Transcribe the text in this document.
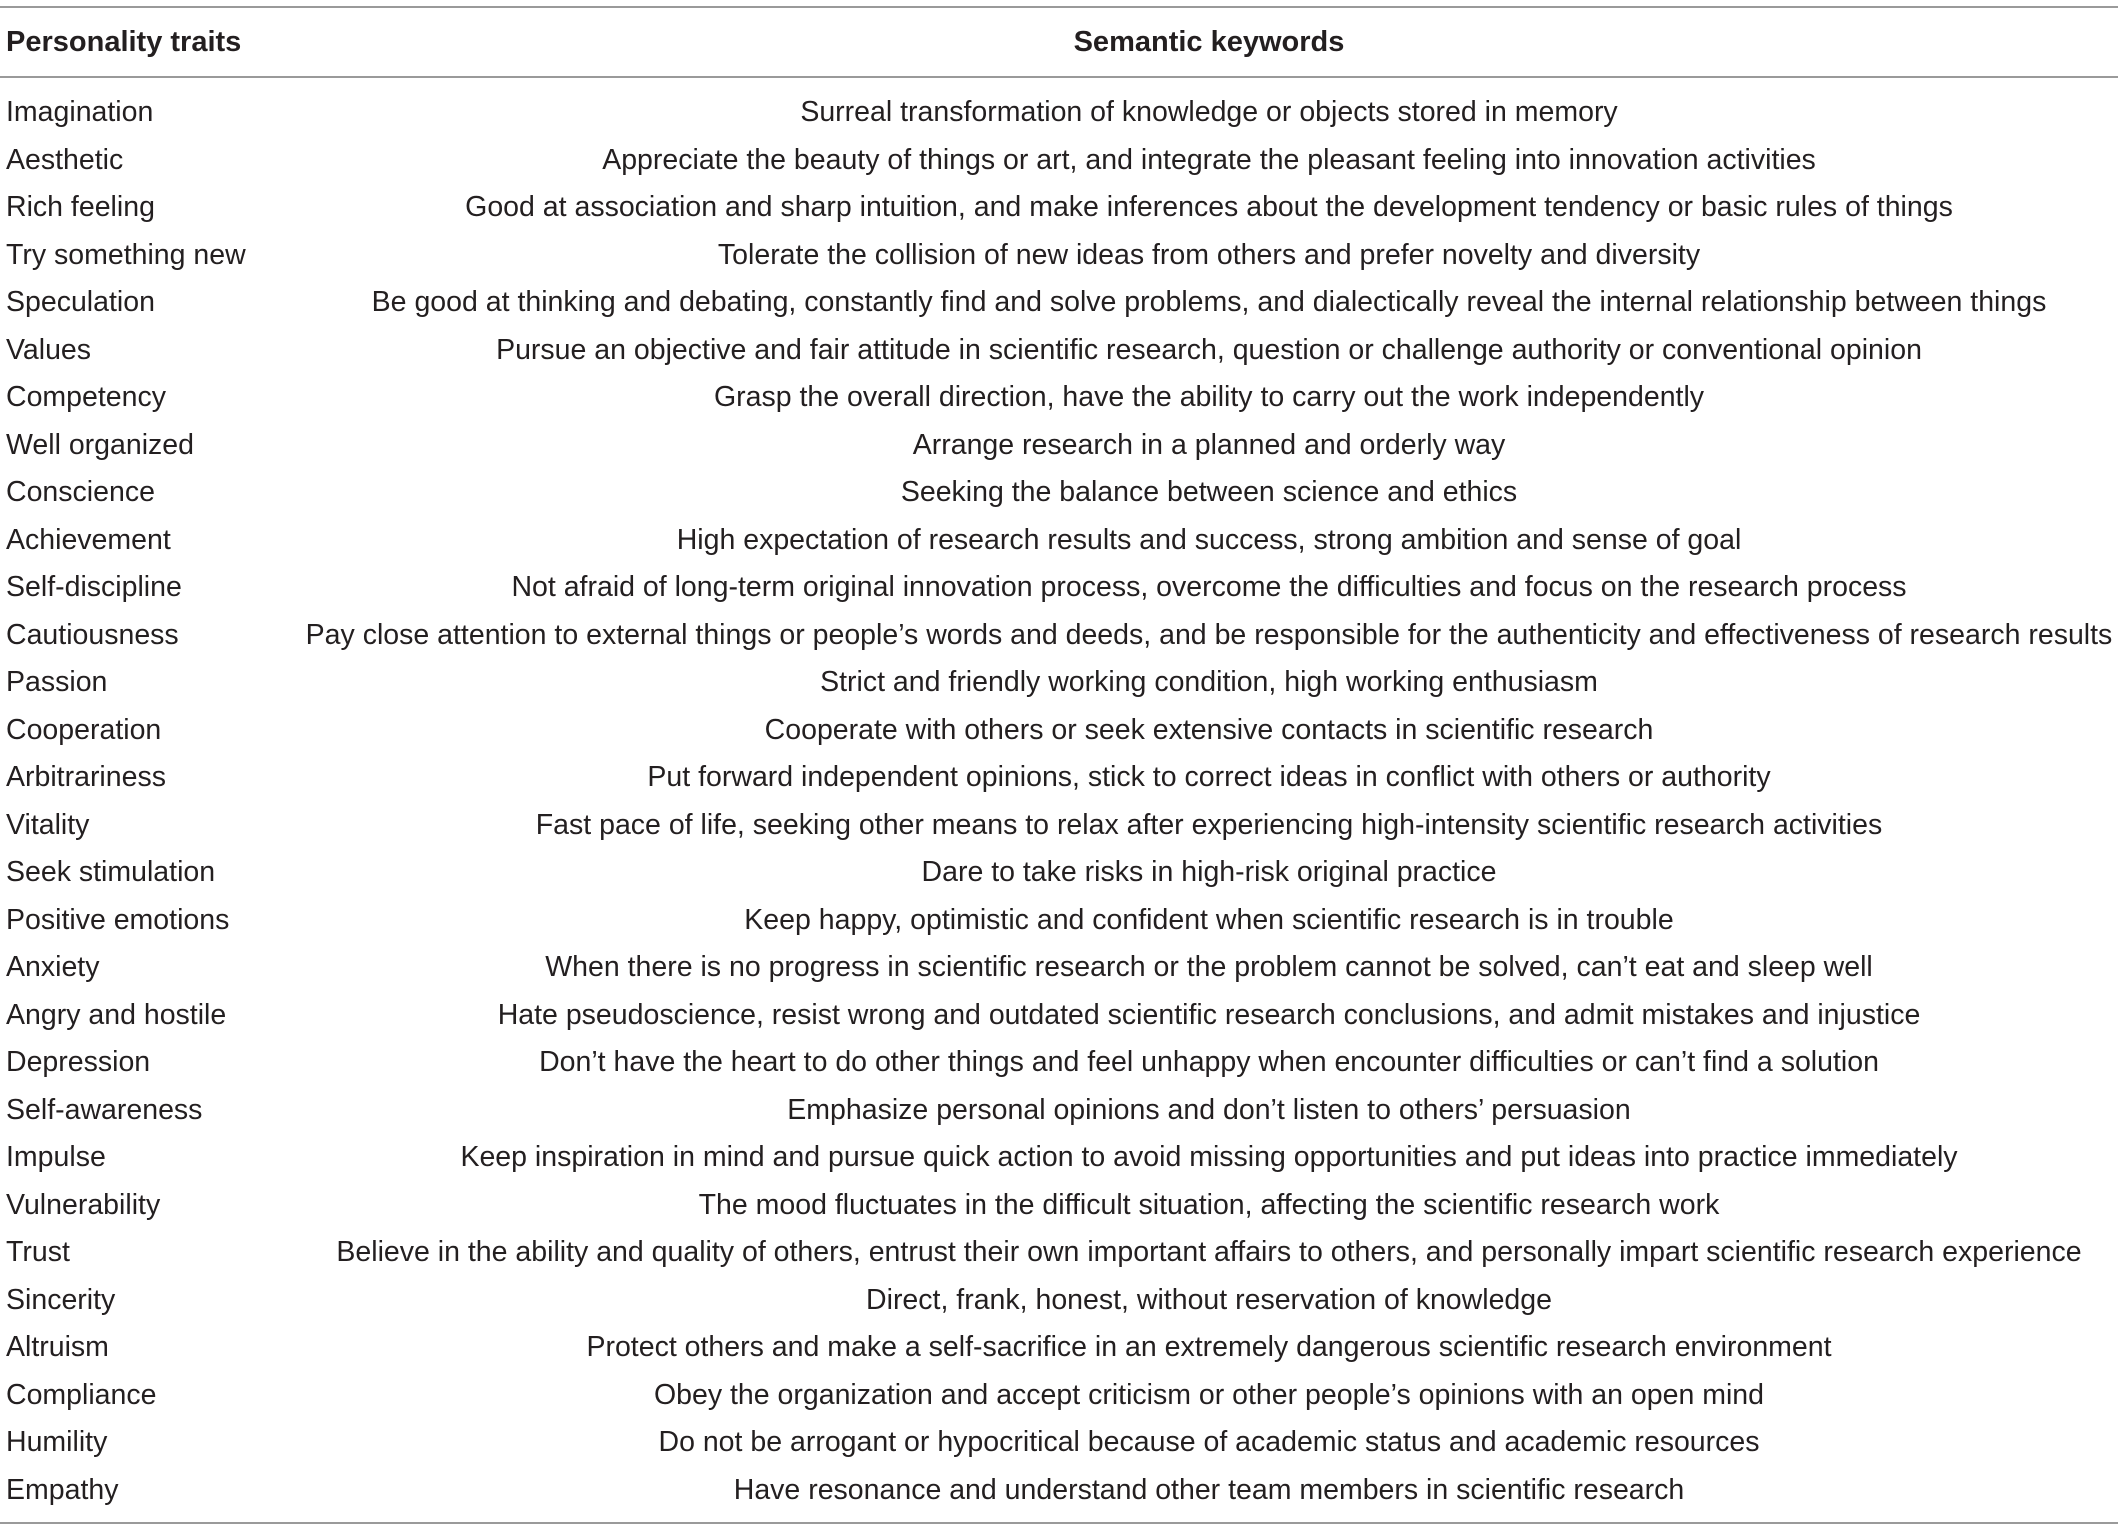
Personality traits	Semantic keywords
Imagination	Surreal transformation of knowledge or objects stored in memory
Aesthetic	Appreciate the beauty of things or art, and integrate the pleasant feeling into innovation activities
Rich feeling	Good at association and sharp intuition, and make inferences about the development tendency or basic rules of things
Try something new	Tolerate the collision of new ideas from others and prefer novelty and diversity
Speculation	Be good at thinking and debating, constantly find and solve problems, and dialectically reveal the internal relationship between things
Values	Pursue an objective and fair attitude in scientific research, question or challenge authority or conventional opinion
Competency	Grasp the overall direction, have the ability to carry out the work independently
Well organized	Arrange research in a planned and orderly way
Conscience	Seeking the balance between science and ethics
Achievement	High expectation of research results and success, strong ambition and sense of goal
Self-discipline	Not afraid of long-term original innovation process, overcome the difficulties and focus on the research process
Cautiousness	Pay close attention to external things or people’s words and deeds, and be responsible for the authenticity and effectiveness of research results
Passion	Strict and friendly working condition, high working enthusiasm
Cooperation	Cooperate with others or seek extensive contacts in scientific research
Arbitrariness	Put forward independent opinions, stick to correct ideas in conflict with others or authority
Vitality	Fast pace of life, seeking other means to relax after experiencing high-intensity scientific research activities
Seek stimulation	Dare to take risks in high-risk original practice
Positive emotions	Keep happy, optimistic and confident when scientific research is in trouble
Anxiety	When there is no progress in scientific research or the problem cannot be solved, can’t eat and sleep well
Angry and hostile	Hate pseudoscience, resist wrong and outdated scientific research conclusions, and admit mistakes and injustice
Depression	Don’t have the heart to do other things and feel unhappy when encounter difficulties or can’t find a solution
Self-awareness	Emphasize personal opinions and don’t listen to others’ persuasion
Impulse	Keep inspiration in mind and pursue quick action to avoid missing opportunities and put ideas into practice immediately
Vulnerability	The mood fluctuates in the difficult situation, affecting the scientific research work
Trust	Believe in the ability and quality of others, entrust their own important affairs to others, and personally impart scientific research experience
Sincerity	Direct, frank, honest, without reservation of knowledge
Altruism	Protect others and make a self-sacrifice in an extremely dangerous scientific research environment
Compliance	Obey the organization and accept criticism or other people’s opinions with an open mind
Humility	Do not be arrogant or hypocritical because of academic status and academic resources
Empathy	Have resonance and understand other team members in scientific research
